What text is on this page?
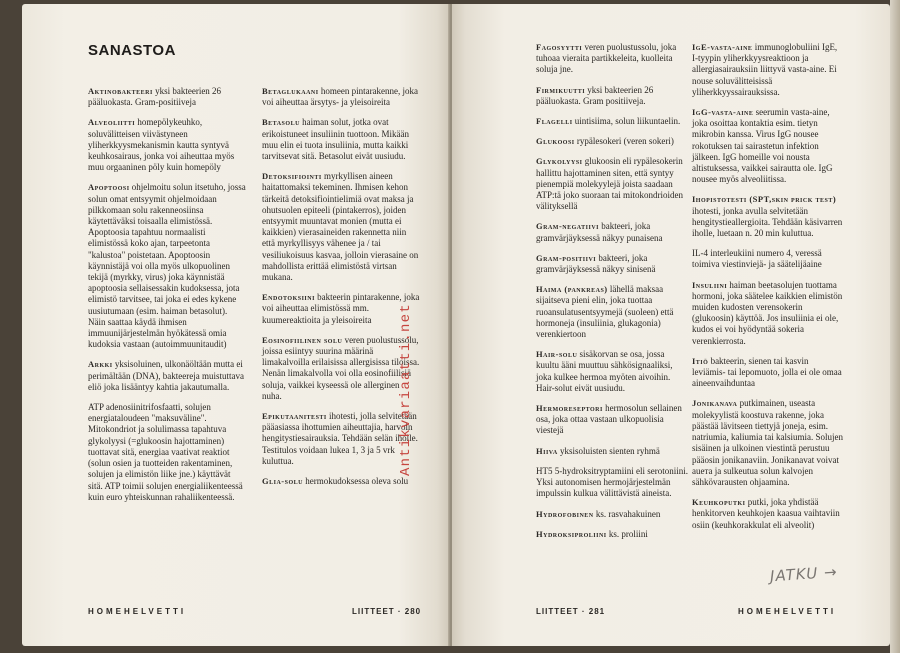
SANASTOA

Aktinobakteeri yksi bakteerien 26 pääluokasta. Gram-positiiveja

Alveoliitti homepölykeuhko, soluvälitteisen viivästyneen yliherkkyysmekanismin kautta syntyvä keuhkosairaus, jonka voi aiheuttaa myös muu orgaaninen pöly kuin homepöly

Apoptoosi ohjelmoitu solun itsetuho, jossa solun omat entsyymit ohjelmoidaan pilkkomaan solu rakenneosiinsa käytettäväksi toisaalla elimistössä. Apoptoosia tapahtuu normaalisti elimistössä koko ajan, tarpeetonta "kalustoa" poistetaan. Apoptoosin käynnistäjä voi olla myös ulkopuolinen tekijä (myrkky, virus) joka käynnistää apoptoosia sellaisessakin kudoksessa, jota elimistö tarvitsee, tai joka ei edes kykene uusiutumaan (esim. haiman betasolut). Näin saattaa käydä ihmisen immuunijärjestelmän hyökätessä omia kudoksia vastaan (autoimmuunitaudit)

Arkki yksisoluinen, ulkonäöltään mutta ei perimältään (DNA), bakteereja muistuttava eliö joka lisääntyy kahtia jakautumalla.

ATP adenosiinitrifosfaatti, solujen energiataloudeen "maksuväline". Mitokondriot ja solulimassa tapahtuva glykolyysi (=glukoosin hajottaminen) tuottavat sitä, energiaa vaativat reaktiot (solun osien ja tuotteiden rakentaminen, solujen ja elimistön liike jne.) käyttävät sitä. ATP toimii solujen energialiikenteessä kuin euro yhteiskunnan rahaliikenteessä.

Betaglukaani homeen pintarakenne, joka voi aiheuttaa ärsytys- ja yleisoireita

Betasolu haiman solut, jotka ovat erikoistuneet insuliinin tuottoon. Mikään muu elin ei tuota insuliinia, mutta kaikki tarvitsevat sitä. Betasolut eivät uusiudu.

Detoksifiointi myrkyllisen aineen haitattomaksi tekeminen. Ihmisen kehon tärkeitä detoksifiointielimiä ovat maksa ja ohutsuolen epiteeli (pintakerros), joiden entsyymit muuntavat monien (mutta ei kaikkien) vierasaineiden rakennetta niin että myrkyllisyys vähenee ja / tai vesiliukoisuus kasvaa, jolloin vierasaine on mahdollista erittää elimistöstä virtsan mukana.

Endotoksiini bakteerin pintarakenne, joka voi aiheuttaa elimistössä mm. kuumereaktioita ja yleisoireita

Eosinofiilinen solu veren puolustussolu, joissa esiintyy suurina määrinä limakalvoilla erilaisissa allergisissa tiloissa. Nenän limakalvolla voi olla eosinofiilisiä soluja, vaikkei kyseessä ole allerginen nuha.

Epikutaanitesti ihotesti, jolla selvitetään pääasiassa ihottumien aiheuttajia, harvoin hengitystiesairauksia. Tehdään selän iholle. Testitulos voidaan lukea 1, 3 ja 5 vrk kuluttua.

Glia-solu hermokudoksessa oleva solu

HOMEHELVETTI	LIITTEET · 280

Fagosyytti veren puolustussolu, joka tuhoaa vieraita partikkeleita, kuolleita soluja jne.

Firmikuutti yksi bakteerien 26 pääluokasta. Gram positiiveja.

Flagelli uintisiima, solun liikuntaelin.

Glukoosi rypälesokeri (veren sokeri)

Glykolyysi glukoosin eli rypälesokerin hallittu hajottaminen siten, että syntyy pienempiä molekyylejä joista saadaan ATP:tä joko suoraan tai mitokondrioiden välityksellä

Gram-negatiivi bakteeri, joka gramvärjäyksessä näkyy punaisena

Gram-positiivi bakteeri, joka gramvärjäyksessä näkyy sinisenä

Haima (pankreas) lähellä maksaa sijaitseva pieni elin, joka tuottaa ruoansulatusentsyymejä (suoleen) että hormoneja (insuliinia, glukagonia) verenkiertoon

Hair-solu sisäkorvan se osa, jossa kuultu ääni muuttuu sähkösignaaliksi, joka kulkee hermoa myöten aivoihin. Hair-solut eivät uusiudu.

Hermoreseptori hermosolun sellainen osa, joka ottaa vastaan ulkopuolisia viestejä

Hiiva yksisoluisten sienten ryhmä

HT5 5-hydroksitryptamiini eli serotoniini. Yksi autonomisen hermojärjestelmän impulssin kulkua välittävistä aineista.

Hydrofobinen ks. rasvahakuinen

Hydroksiproliini ks. proliini

IgE-vasta-aine immunoglobuliini IgE, I-tyypin yliherkkyysreaktioon ja allergiasairauksiin liittyvä vasta-aine. Ei nouse soluvälitteisissä yliherkkyyssairauksissa.

IgG-vasta-aine seerumin vasta-aine, joka osoittaa kontaktia esim. tietyn mikrobin kanssa. Virus IgG nousee rokotuksen tai sairastetun infektion jälkeen. IgG homeille voi nousta altistuksessa, vaikkei sairautta ole. IgG nousee myös alveoliitissa.

Ihopistotesti (SPT,skin prick test) ihotesti, jonka avulla selvitetään hengitystieallergioita. Tehdään käsivarren iholle, luetaan n. 20 min kuluttua.

IL-4 interleukiini numero 4, veressä toimiva viestinviejä- ja säätelijäaine

Insuliini haiman beetasolujen tuottama hormoni, joka säätelee kaikkien elimistön muiden kudosten verensokerin (glukoosin) käyttöä. Jos insuliinia ei ole, kudos ei voi hyödyntää sokeria verenkierrosta.

Itiö bakteerin, sienen tai kasvin leviämis- tai lepomuoto, jolla ei ole omaa aineenvaihduntaa

Jonikanava putkimainen, useasta molekyylistä koostuva rakenne, joka päästää lävitseen tiettyjä joneja, esim. natriumia, kaliumia tai kalsiumia. Solujen sisäinen ja ulkoinen viestintä perustuu pääosin jonikanaviin. Jonikanavat voivat auета ja sulkeutua solun kalvojen sähkövarausten ohjaamina.

Keuhkoputki putki, joka yhdistää henkitorven keuhkojen kaasua vaihtaviin osiin (keuhkorakkulat eli alveolit)

LIITTEET · 281	HOMEHELVETTI
Antikvariaatti.net
JATKU →
